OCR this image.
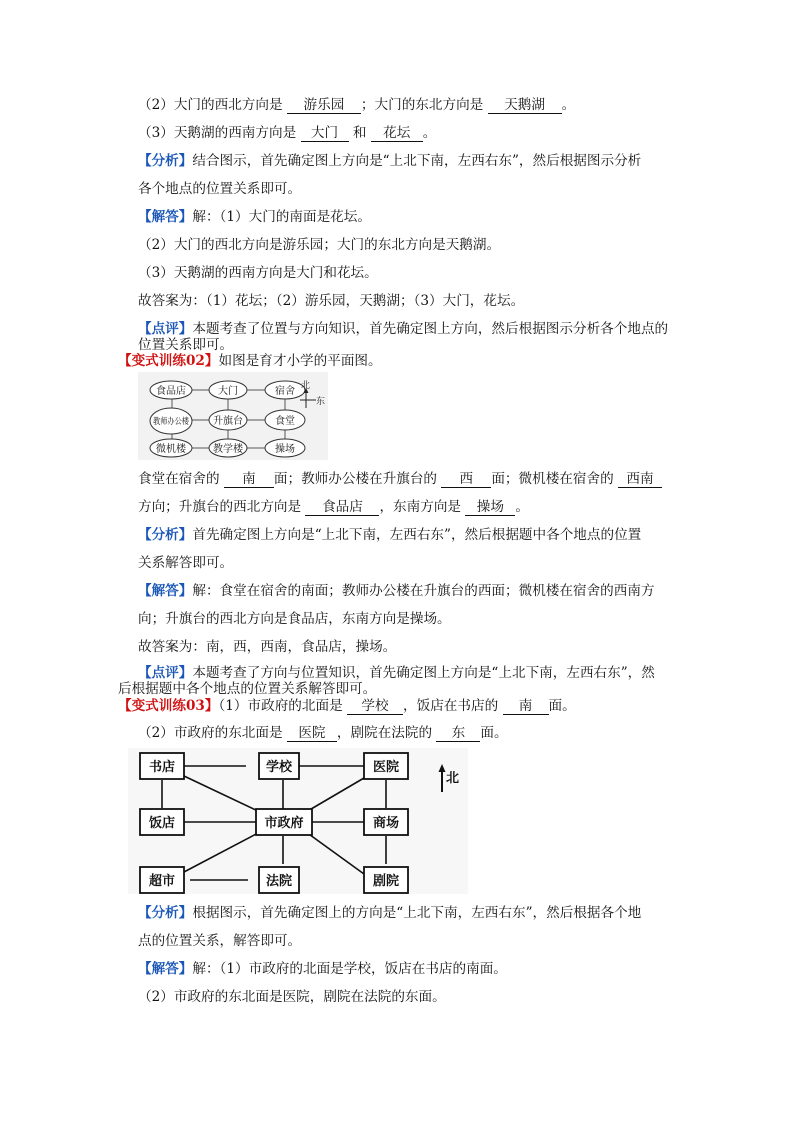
（2）大门的西北方向是 游乐园 ；大门的东北方向是 天鹅湖 。
（3）天鹅湖的西南方向是 大门 和 花坛 。
【分析】结合图示，首先确定图上方向是“上北下南，左西右东”，然后根据图示分析
各个地点的位置关系即可。
【解答】解：（1）大门的南面是花坛。
（2）大门的西北方向是游乐园；大门的东北方向是天鹅湖。
（3）天鹅湖的西南方向是大门和花坛。
故答案为：（1）花坛；（2）游乐园，天鹅湖；（3）大门，花坛。
【点评】本题考查了位置与方向知识，首先确定图上方向，然后根据图示分析各个地点的
位置关系即可。
【变式训练02】如图是育才小学的平面图。
食品店	大门	宿舍
教师办公楼 升旗台	食堂
微机楼	教学楼	操场
北
东
食堂在宿舍的 南 面；教师办公楼在升旗台的 西 面；微机楼在宿舍的 西南
方向；升旗台的西北方向是 食品店 ，东南方向是 操场 。
【分析】首先确定图上方向是“上北下南，左西右东”，然后根据题中各个地点的位置
关系解答即可。
【解答】解：食堂在宿舍的南面；教师办公楼在升旗台的西面；微机楼在宿舍的西南方
向；升旗台的西北方向是食品店，东南方向是操场。
故答案为：南，西，西南，食品店，操场。
【点评】本题考查了方向与位置知识，首先确定图上方向是“上北下南，左西右东”，然
后根据题中各个地点的位置关系解答即可。
【变式训练03】（1）市政府的北面是 学校 ，饭店在书店的 南 面。
（2）市政府的东北面是 医院 ，剧院在法院的 东 面。
书店	学校	医院
饭店	市政府	商场
超市	法院	剧院
北
【分析】根据图示，首先确定图上的方向是“上北下南，左西右东”，然后根据各个地
点的位置关系，解答即可。
【解答】解：（1）市政府的北面是学校，饭店在书店的南面。
（2）市政府的东北面是医院，剧院在法院的东面。
